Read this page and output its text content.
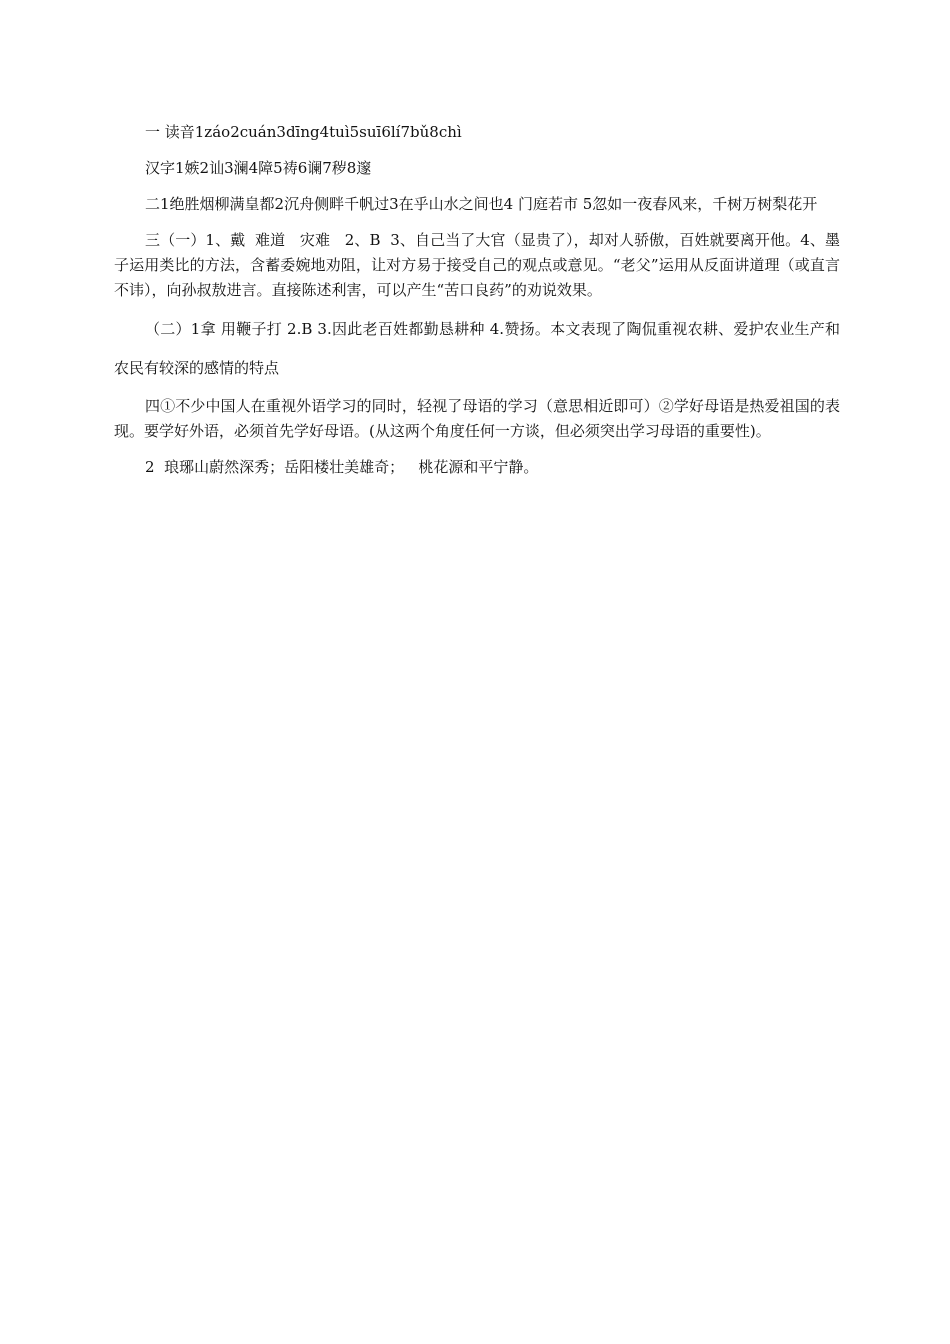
一 读音1záo2cuán3dīng4tuì5suī6lí7bǔ8chì

汉字1嫉2讪3澜4障5祷6谰7秽8邃

二1绝胜烟柳满皇都2沉舟侧畔千帆过3在乎山水之间也4 门庭若市 5忽如一夜春风来，千树万树梨花开

三（一）1、戴  难道   灾难   2、B  3、自己当了大官（显贵了），却对人骄傲，百姓就要离开他。4、墨子运用类比的方法，含蓄委婉地劝阻，让对方易于接受自己的观点或意见。“老父”运用从反面讲道理（或直言不讳），向孙叔敖进言。直接陈述利害，可以产生“苦口良药”的劝说效果。

（二）1拿 用鞭子打 2.B 3.因此老百姓都勤恳耕种 4.赞扬。本文表现了陶侃重视农耕、爱护农业生产和农民有较深的感情的特点

四①不少中国人在重视外语学习的同时，轻视了母语的学习（意思相近即可）②学好母语是热爱祖国的表现。要学好外语，必须首先学好母语。(从这两个角度任何一方谈，但必须突出学习母语的重要性)。

2  琅琊山蔚然深秀；岳阳楼壮美雄奇；   桃花源和平宁静。
